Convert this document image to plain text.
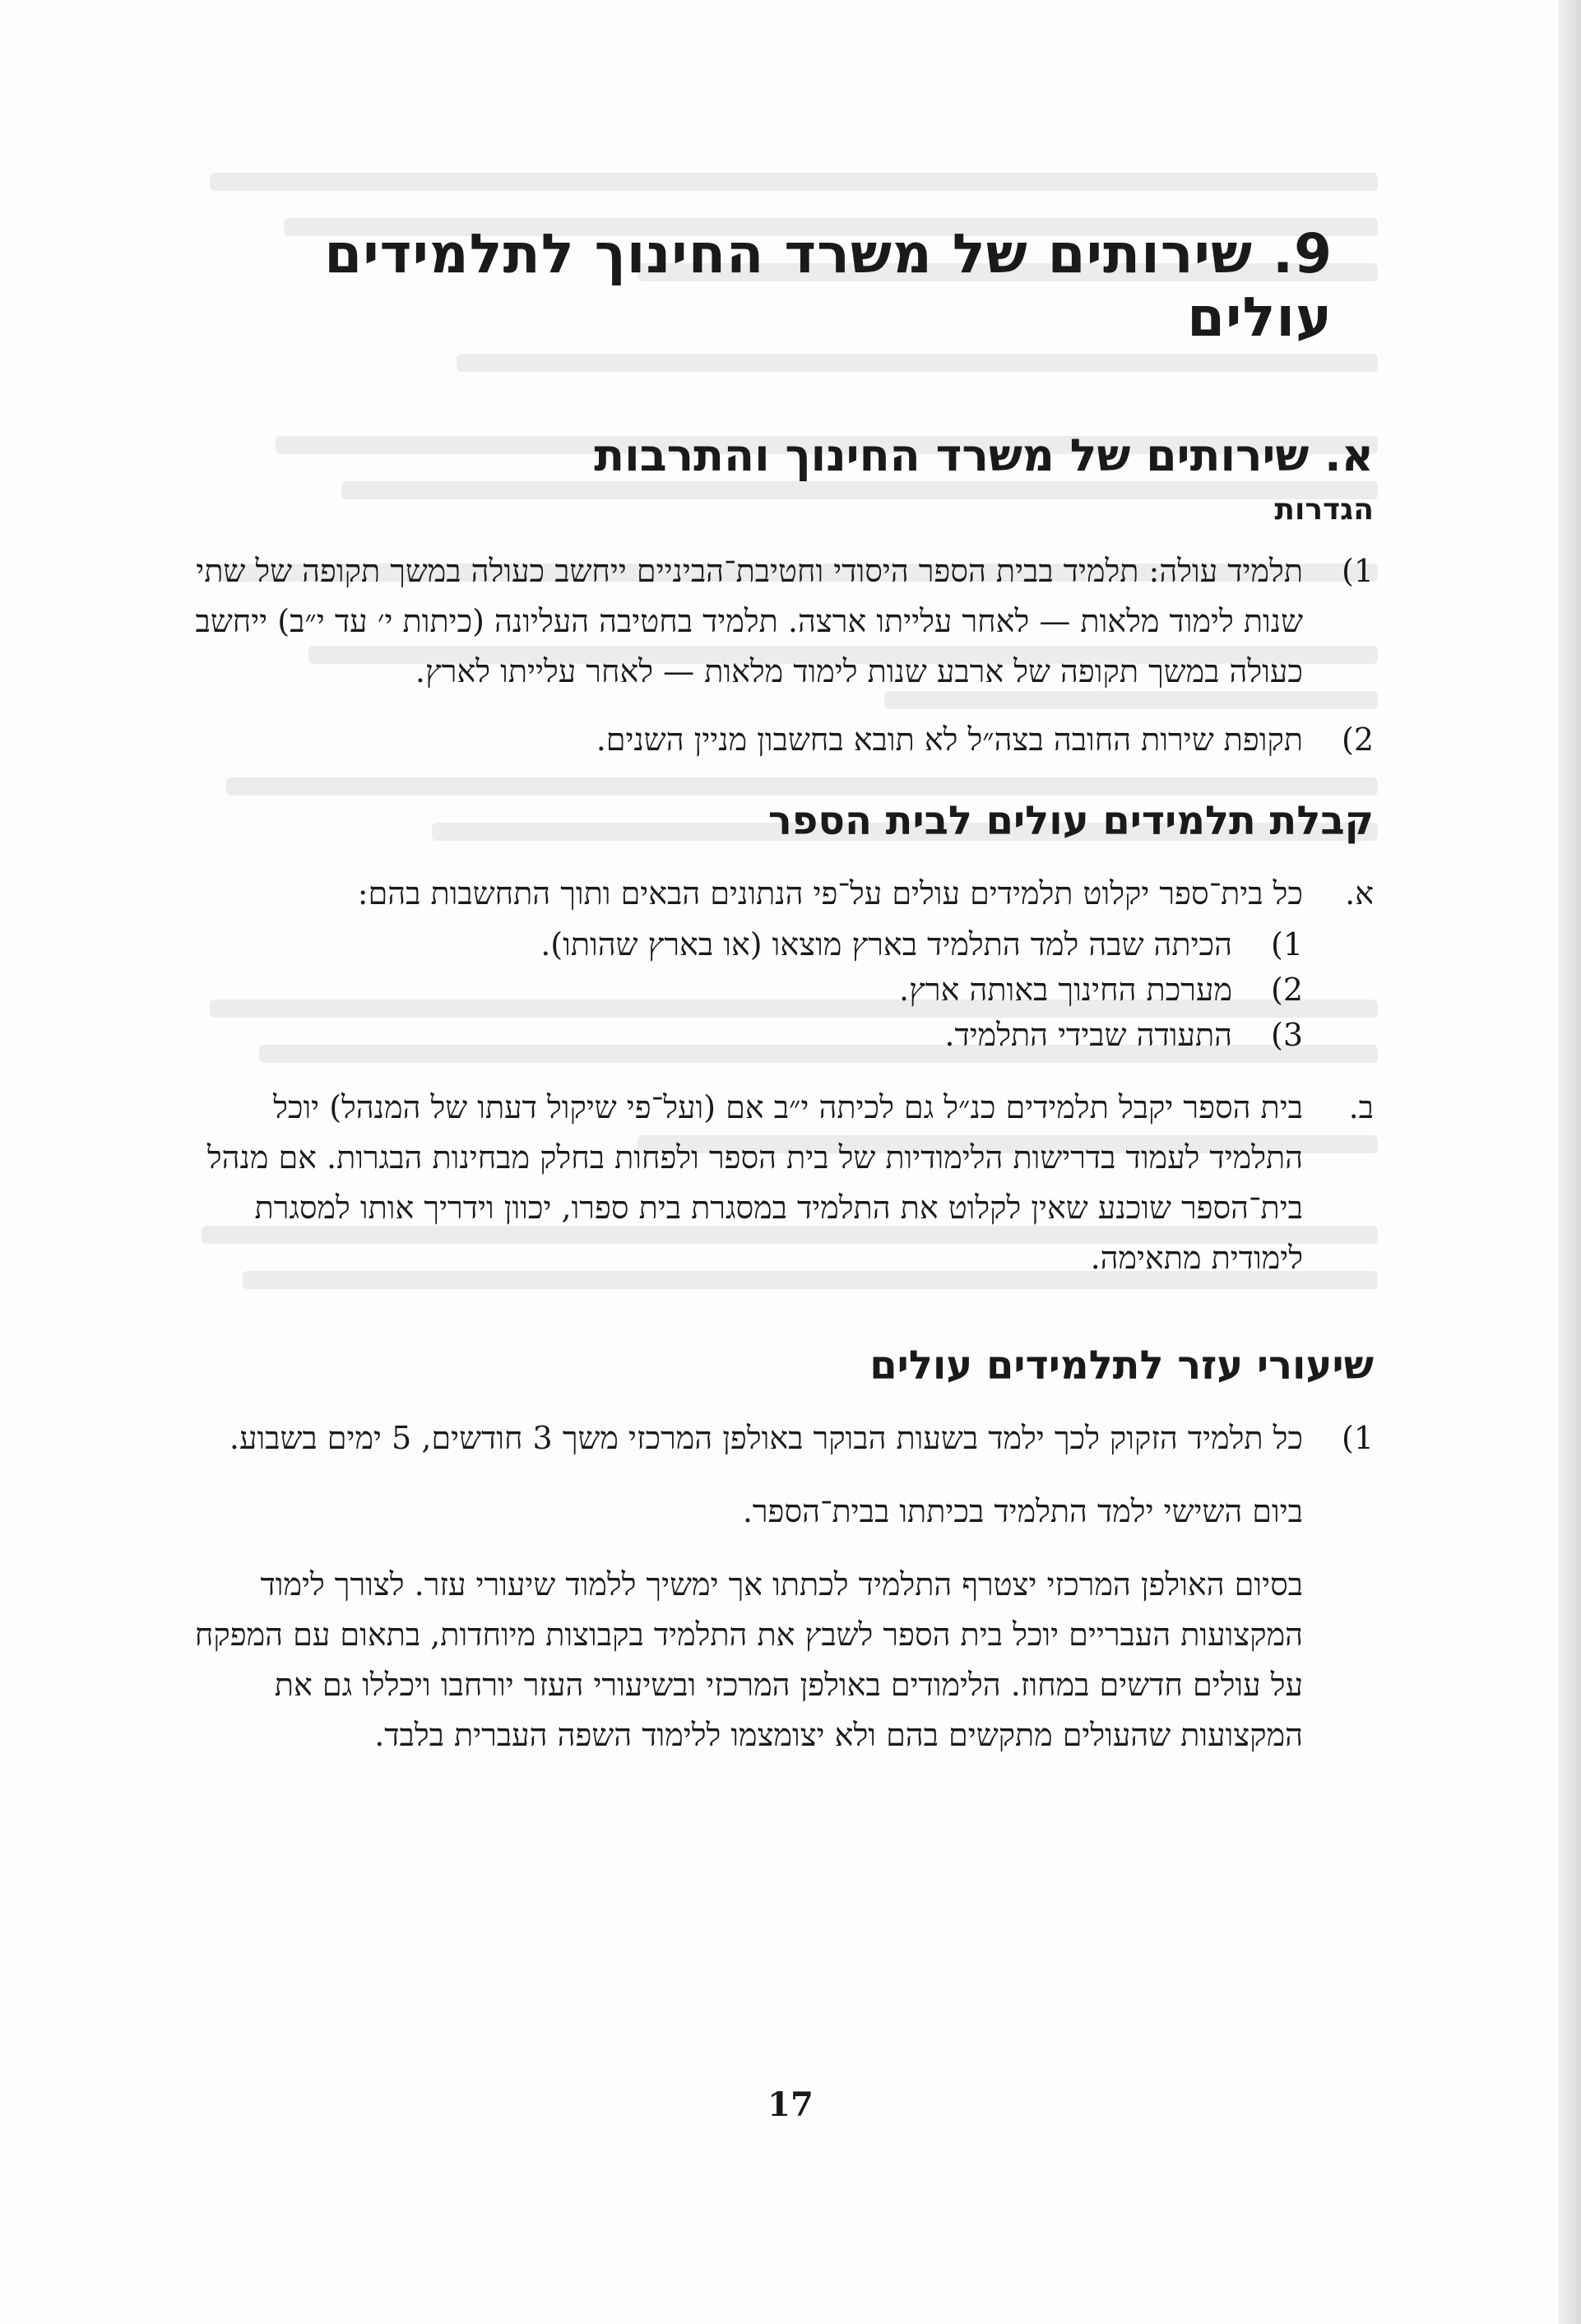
9. שירותים של משרד החינוך לתלמידים עולים
א. שירותים של משרד החינוך והתרבות
הגדרות
1)
תלמיד עולה: תלמיד בבית הספר היסודי וחטיבת־הביניים ייחשב כעולה במשך תקופה של שתי שנות לימוד מלאות — לאחר עלייתו ארצה. תלמיד בחטיבה העליונה (כיתות י׳ עד י״ב) ייחשב כעולה במשך תקופה של ארבע שנות לימוד מלאות — לאחר עלייתו לארץ.
2)
תקופת שירות החובה בצה״ל לא תובא בחשבון מניין השנים.
קבלת תלמידים עולים לבית הספר
א.
כל בית־ספר יקלוט תלמידים עולים על־פי הנתונים הבאים ותוך התחשבות בהם:
1)
הכיתה שבה למד התלמיד בארץ מוצאו (או בארץ שהותו).
2)
מערכת החינוך באותה ארץ.
3)
התעודה שבידי התלמיד.
ב.
בית הספר יקבל תלמידים כנ״ל גם לכיתה י״ב אם (ועל־פי שיקול דעתו של המנהל) יוכל התלמיד לעמוד בדרישות הלימודיות של בית הספר ולפחות בחלק מבחינות הבגרות. אם מנהל בית־הספר שוכנע שאין לקלוט את התלמיד במסגרת בית ספרו, יכוון וידריך אותו למסגרת לימודית מתאימה.
שיעורי עזר לתלמידים עולים
1)
כל תלמיד הזקוק לכך ילמד בשעות הבוקר באולפן המרכזי משך 3 חודשים, 5 ימים בשבוע.
ביום השישי ילמד התלמיד בכיתתו בבית־הספר.
בסיום האולפן המרכזי יצטרף התלמיד לכתתו אך ימשיך ללמוד שיעורי עזר. לצורך לימוד המקצועות העבריים יוכל בית הספר לשבץ את התלמיד בקבוצות מיוחדות, בתאום עם המפקח על עולים חדשים במחוז. הלימודים באולפן המרכזי ובשיעורי העזר יורחבו ויכללו גם את המקצועות שהעולים מתקשים בהם ולא יצומצמו ללימוד השפה העברית בלבד.
17
